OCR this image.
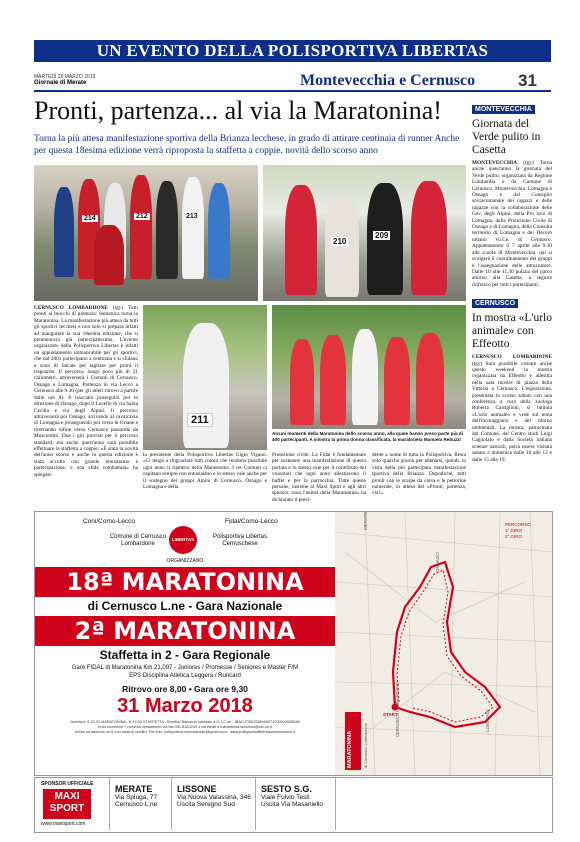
UN EVENTO DELLA POLISPORTIVA LIBERTAS
MARTEDÌ 26 MARZO 2019
Giornale di Merate	Montevecchia e Cernusco	31
Pronti, partenza... al via la Maratonina!
Torna la più attesa manifestazione sportiva della Brianza lecchese, in grado di attirare centinaia di runner Anche per questa 18esima edizione verrà riproposta la staffetta a coppie, novità dello scorso anno
214	212	213
210
209
MONTEVECCHIA
Giornata del Verde pulito in Casetta
MONTEVECCHIA (tgy) Torna anche quest'anno la giornata del Verde pulito, organizzata da Regione Lombardia e da Comune di Cernusco. Montevecchia, Lomagna e Osnago e dal Consiglio sovracomunale dei ragazzi e delle ragazze con la collaborazione delle Gev, degli Alpini, della Pro loco di Lomagna, della Protezione Civile di Osnago e di Lomagna, della Consulta territorio di Lomagna e dei Decoro urbano Vo.Ce. di Cernusco. Appuntamento il 7 aprile alle 9.30 alle scuole di Montevecchia, qui si svolgerà il coordinamento dei gruppi e l'assegnazione delle attrezzature. Dalle 10 alle 11.30 pulizia del parco attorno alla Casetta, a seguire rinfresco per tutti i partecipanti.
CERNUSCO
In mostra «L'urlo animale» con Effeotto
CERNUSCO LOMBARDONE (tgy) Sarà possibile visitare anche questo weekend la mostra organizzata da Effeotto e allestita nella sala mostre di piazza della Vittoria a Cernusco. L'esposizione, presentata lo scorso sabato con una conferenza a cura della zoologa Roberta Castiglioni, si intitola «L'urlo animale» e vede sul tema dell'incoraggiarsi e del ritorno umbientali. La mostra, patrocinata dal Comune, dal Centro studi Luigi Cagnolato e dalla Società italiana scienze naturali, potrà essere visitata sabato e domenica dalle 10 alle 12 e dalle 15 alle 19.
CERNUSCO LOMBARDONE (tgy) Tutti pronti ai blocchi di partenza: domenica torna la Maratonina. La manifestazione più attesa da tutti gli sportivi lecchesi e non solo si prepara infatti ad inaugurare la sua 18esima edizione, che si preannuncia già partecipatissima. L'evento organizzato dalla Polisportiva Libertas è infatti un appuntamento immancabile per gli sportivi, che dal 2001 partecipano a centinaia e si sfidano a suon di falcate per tagliare per primi il traguardo. Il percorso, lungo poco più di 21 chilometri, attraverserà i Comuni di Cernusco, Osnago e Lomagna. Partenza in via Lecco a Cernusco alle 9.30 (per gli atleti ritrovo a partire dalle ore 8). Il tracciato proseguirà poi in direzione di Osnago, dopo il Lavello di via Santa Cecilia e via degli Alpini. Il percorso attraverserà poi Osnago, arrivando al cavalcavia di Lomagna e proseguendo poi verso le Oriane e ritornando infine verso Cernusco passando da Moscoretto. Due i giri previsti per il percorso standard, ma anche quest'anno sarà possibile effettuare la staffetta a coppie: «È stata la novità dell'anno scorso e anche in questa edizione è stata accolta con grande entusiasmo e partecipazione, e una sfida combattuta» ha spiegato
211
Alcuni momenti della Maratonina dello scorso anno, alla quale hanno preso parte più di 400 partecipanti. A sinistra la prima donna classificata, la maratoneta Manuela Rebuzzi
la presidente della Polisportiva Libertas Gigio Viganò. «Ci tengo a ringraziare tutti coloro che rendono possibile ogni anno il ripetersi della Maratonina. I tre Comuni ci ospitano sempre con entusiasmo e lo stesso vale anche per il sostegno dei gruppi Alpini di Cernusco, Osnago e Lomagna e della
Protezione civile. La Fidal è fondamentale per sostenere una manifestazione di questa portata e lo stesso vale per il contributo del volontari che ogni anno allestiscono il buffet e per la parrocchia. Tutte queste persone, insieme al Maxi Sport e agli altri sponsor, sono l'anima della Maratonina» ha dichiarato il presi-
dente a nome di tutta la Polisportiva. Resta solo qualche giorno per allenarsi, quindi, in vista della più partecipata manifestazione sportiva della Brianza. Dopodiché, tutti pronti con le scarpe da corsa e le pettorine numerate, in attesa del «Pronti, partenza, via!».
Coni/Como-Lecco	Fidal/Como-Lecco
Comune di Cernusco Lombardone
LIBERTAS	Polisportiva Libertas Cernuschese
ORGANIZZANO
18ª MARATONINA
di Cernusco L.ne - Gara Nazionale
2ª MARATONINA
Staffetta in 2 - Gara Regionale
Gare FIDAL di Maratonina Km 21,097 - Juniores / Promesse / Seniores e Master F/M
EPS Disciplina Atletica Leggera / Runcard
Ritrovo ore 8,00 • Gara ore 9,30
31 Marzo 2018
Iscrizioni: € 25,00 MARATONINA - € 42,00 STAFFETTA - Bonifico Bancario intestato a G.T.C.erl - IBAN IT05O056969971000000008538
Invio iscrizione + ricevuta versamento via fax 031 8120249 o via email a maratonina.iscrizioni@otc.srl.it
online su www.otc-srl.it con carta di credito. Per info: polisportiva.cernuschese@gmail.com - www.polisportivalibertascernuschese.it
MERATE
OSNAGO
LOMAGNA
CERNUSCO LOMBARDONE
START
PERCORSO
1° GIRO
2° GIRO
MARATONINA	di Cernusco Lombardone
SPONSOR UFFICIALE
MAXI
SPORT
www.maxisport.com
MERATE
Via Spluga, 77
Cernusco L.ne
LISSONE
Via Nuova Valassina, 346
Uscita Seregno Sud
SESTO S.G.
Viale Fulvio Testi
Uscita Via Masaniello
